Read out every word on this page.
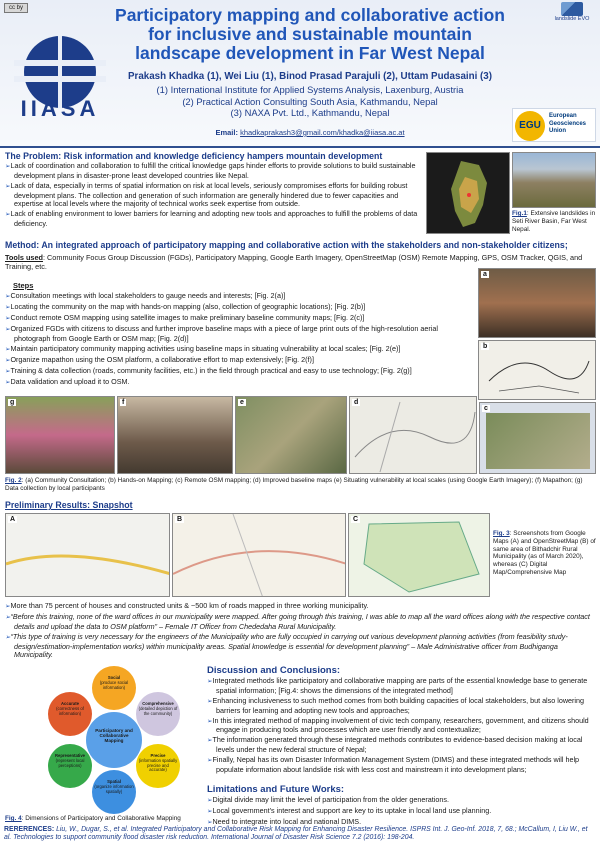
cc by
IIASA
Participatory mapping and collaborative action for inclusive and sustainable mountain landscape development in Far West Nepal
Prakash Khadka (1), Wei Liu (1), Binod Prasad Parajuli (2), Uttam Pudasaini (3)
(1) International Institute for Applied Systems Analysis, Laxenburg, Austria
(2) Practical Action Consulting South Asia, Kathmandu, Nepal
(3) NAXA Pvt. Ltd., Kathmandu, Nepal
Email: khadkaprakash3@gmail.com/khadka@iiasa.ac.at
landslide EVO
EGU
European
Geosciences
Union
The Problem: Risk information and knowledge deficiency hampers mountain development
➢ Lack of coordination and collaboration to fulfill the critical knowledge gaps hinder efforts to provide solutions to build sustainable development plans in disaster-prone least developed countries like Nepal.
➢ Lack of data, especially in terms of spatial information on risk at local levels, seriously compromises efforts for building robust development plans. The collection and generation of such information are generally hindered due to fewer capacities and expertise at local levels where the majority of technical works seek expertise from outside.
➢ Lack of enabling environment to lower barriers for learning and adopting new tools and approaches to fulfill the problems of data deficiency.
Fig.1: Extensive landslides in Seti River Basin, Far West Nepal.
Method: An integrated approach of participatory mapping and collaborative action with the stakeholders and non-stakeholder citizens;
Tools used: Community Focus Group Discussion (FGDs), Participatory Mapping, Google Earth Imagery, OpenStreetMap (OSM) Remote Mapping, GPS, OSM Tracker, QGIS, and Training, etc.
Steps
➢ Consultation meetings with local stakeholders to gauge needs and interests; [Fig. 2(a)]
➢ Locating the community on the map with hands-on mapping (also, collection of geographic locations); [Fig. 2(b)]
➢ Conduct remote OSM mapping using satellite images to make preliminary baseline community maps; [Fig. 2(c)]
➢ Organized FGDs with citizens to discuss and further improve baseline maps with a piece of large print outs of the high-resolution aerial photograph from Google Earth or OSM map; [Fig. 2(d)]
➢ Maintain participatory community mapping activities using baseline maps in situating vulnerability at local scales; [Fig. 2(e)]
➢ Organize mapathon using the OSM platform, a collaborative effort to map extensively; [Fig. 2(f)]
➢ Training & data collection (roads, community facilities, etc.) in the field through practical and easy to use technology; [Fig. 2(g)]
➢ Data validation and upload it to OSM.
a
b
g	f	e	d
c
Fig. 2: (a) Community Consultation; (b) Hands-on Mapping; (c) Remote OSM mapping; (d) Improved baseline maps (e) Situating vulnerability at local scales (using Google Earth Imagery); (f) Mapathon; (g) Data collection by local participants
Preliminary Results: Snapshot
A	B	C
Fig. 3: Screenshots from Google Maps (A) and OpenStreetMap (B) of same area of Bithadchir Rural Municipality (as of March 2020), whereas (C) Digital Map/Comprehensive Map
➢ More than 75 percent of houses and constructed units & ~500 km of roads mapped in three working municipality.
➢ “Before this training, none of the ward offices in our municipality were mapped. After going through this training, I was able to map all the ward offices along with the respective contact details and upload the data to OSM platform” – Female IT Officer from Chededaha Rural Municipality.
➢ “This type of training is very necessary for the engineers of the Municipality who are fully occupied in carrying out various development planning activities (from feasibility study-design/estimation-implementation works) within municipality areas. Spatial knowledge is essential for development planning” – Male Administrative officer from Budhiganga Municipality.
Participatory and Collaborative Mapping
Social
(produce social information)
Comprehensive
(detailed depiction of the community)
Precise
(information spatially precise and accurate)
Spatial
(organize information spatially)
Representative
(represent local perceptions)
Accurate
(correctness of information)
Fig. 4: Dimensions of Participatory and Collaborative Mapping
Discussion and Conclusions:
➢ Integrated methods like participatory and collaborative mapping are parts of the essential knowledge base to generate spatial information; [Fig.4: shows the dimensions of the integrated method]
➢ Enhancing inclusiveness to such method comes from both building capacities of local stakeholders, but also lowering barriers for learning and adopting new tools and approaches;
➢ In this integrated method of mapping involvement of civic tech company, researchers, government, and citizens should engage in producing tools and processes which are user friendly and contextualize;
➢ The information generated through these integrated methods contributes to evidence-based decision making at local levels under the new federal structure of Nepal;
➢ Finally, Nepal has its own Disaster Information Management System (DIMS) and these integrated methods will help populate information about landslide risk with less cost and mainstream it into development plans;
Limitations and Future Works:
➢ Digital divide may limit the level of participation from the older generations.
➢ Local government’s interest and support are key to its uptake in local land use planning.
➢ Need to integrate into local and national DIMS.
RERERENCES: Liu, W., Dugar, S., et al. Integrated Participatory and Collaborative Risk Mapping for Enhancing Disaster Resilience. ISPRS Int. J. Geo-Inf. 2018, 7, 68.; McCallum, I, Liu W., et al. Technologies to support community flood disaster risk reduction. International Journal of Disaster Risk Science 7.2 (2016): 198-204.
